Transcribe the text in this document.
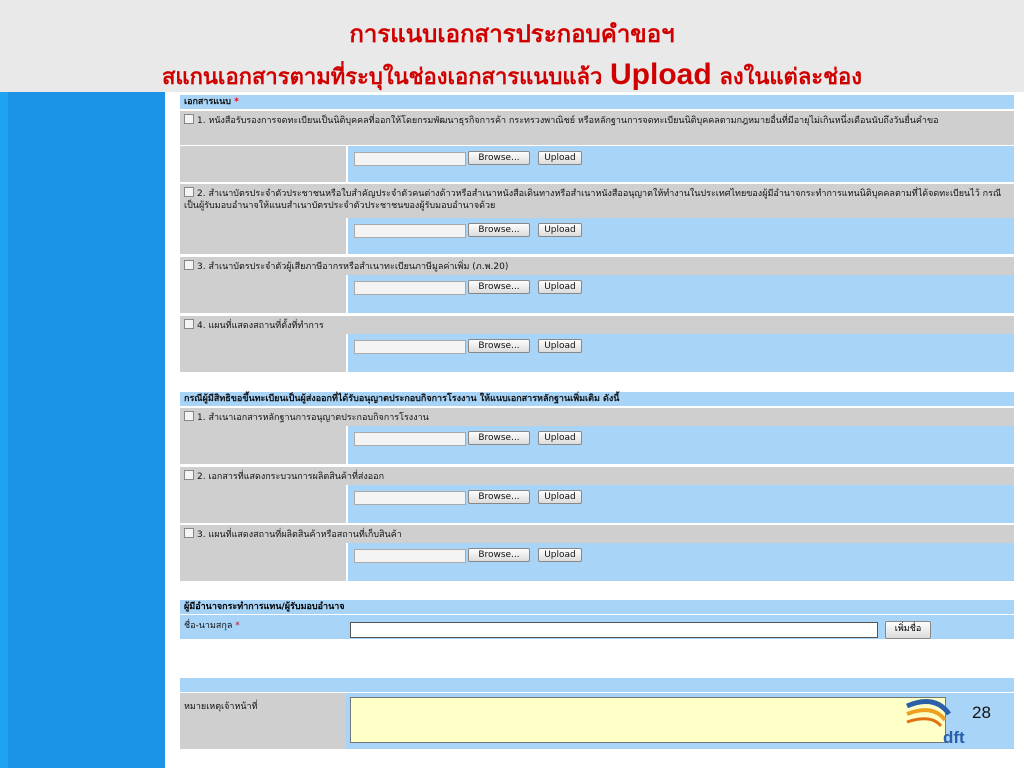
การแนบเอกสารประกอบคำขอฯ
สแกนเอกสารตามที่ระบุในช่องเอกสารแนบแล้ว Upload ลงในแต่ละช่อง
เอกสารแนบ *
1. หนังสือรับรองการจดทะเบียนเป็นนิติบุคคลที่ออกให้โดยกรมพัฒนาธุรกิจการค้า กระทรวงพาณิชย์ หรือหลักฐานการจดทะเบียนนิติบุคคลตามกฎหมายอื่นที่มีอายุไม่เกินหนึ่งเดือนนับถึงวันยื่นคำขอ
Browse...	Upload
2. สำเนาบัตรประจำตัวประชาชนหรือใบสำคัญประจำตัวคนต่างด้าวหรือสำเนาหนังสือเดินทางหรือสำเนาหนังสืออนุญาตให้ทำงานในประเทศไทยของผู้มีอำนาจกระทำการแทนนิติบุคคลตามที่ได้จดทะเบียนไว้ กรณีเป็นผู้รับมอบอำนาจให้แนบสำเนาบัตรประจำตัวประชาชนของผู้รับมอบอำนาจด้วย
Browse...	Upload
3. สำเนาบัตรประจำตัวผู้เสียภาษีอากรหรือสำเนาทะเบียนภาษีมูลค่าเพิ่ม (ภ.พ.20)
Browse...	Upload
4. แผนที่แสดงสถานที่ตั้งที่ทำการ
Browse...	Upload
กรณีผู้มีสิทธิขอขึ้นทะเบียนเป็นผู้ส่งออกที่ได้รับอนุญาตประกอบกิจการโรงงาน ให้แนบเอกสารหลักฐานเพิ่มเติม ดังนี้
1. สำเนาเอกสารหลักฐานการอนุญาตประกอบกิจการโรงงาน
Browse...	Upload
2. เอกสารที่แสดงกระบวนการผลิตสินค้าที่ส่งออก
Browse...	Upload
3. แผนที่แสดงสถานที่ผลิตสินค้าหรือสถานที่เก็บสินค้า
Browse...	Upload
ผู้มีอำนาจกระทำการแทน/ผู้รับมอบอำนาจ
ชื่อ-นามสกุล *	เพิ่มชื่อ
หมายเหตุเจ้าหน้าที่
dft
28
